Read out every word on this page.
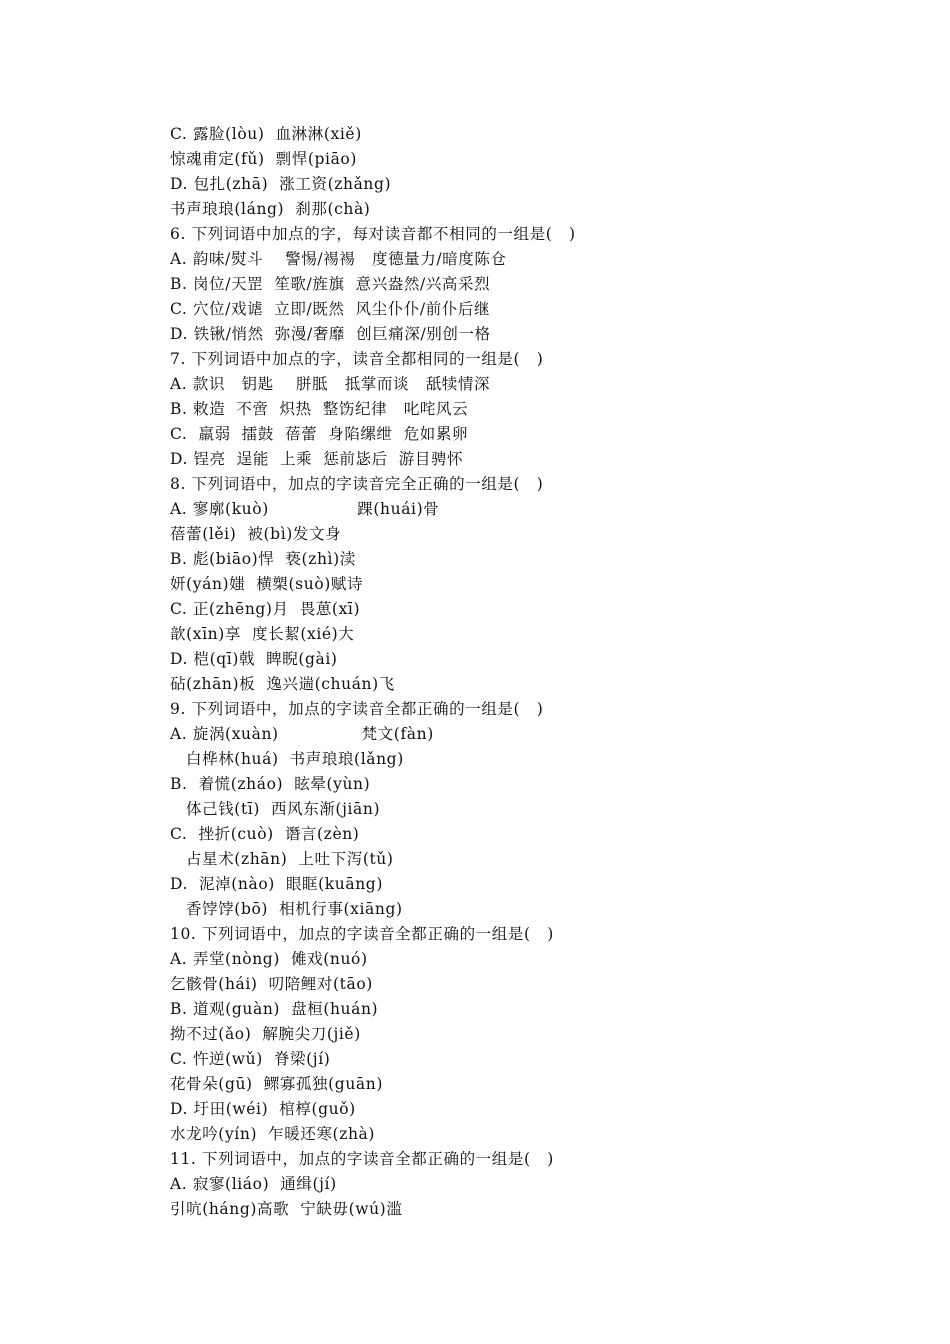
C. 露脸(lòu)  血淋淋(xiě)
惊魂甫定(fǔ)  剽悍(piāo)
D. 包扎(zhā)  涨工资(zhǎng)
书声琅琅(láng)  刹那(chà)
6. 下列词语中加点的字，每对读音都不相同的一组是(   )
A. 韵味/熨斗    警惕/裼裼   度德量力/暗度陈仓
B. 岗位/天罡  笙歌/旌旗  意兴盎然/兴高采烈
C. 穴位/戏谑  立即/既然  风尘仆仆/前仆后继
D. 铁锹/悄然  弥漫/奢靡  创巨痛深/别创一格
7. 下列词语中加点的字，读音全都相同的一组是(   )
A. 款识   钥匙    胼胝   抵掌而谈   舐犊情深
B. 敕造  不啻  炽热  整饬纪律   叱咤风云
C.  羸弱  擂鼓  蓓蕾  身陷缧绁  危如累卵
D. 锃亮  逞能  上乘  惩前毖后  游目骋怀
8. 下列词语中，加点的字读音完全正确的一组是(   )
A. 寥廓(kuò)                踝(huái)骨
蓓蕾(lěi)  被(bì)发文身
B. 彪(biāo)悍  亵(zhì)渎
妍(yán)媸  横槊(suò)赋诗
C. 正(zhēng)月  畏葸(xī)
歆(xīn)享  度长絜(xié)大
D. 桤(qī)戟  睥睨(gài)
砧(zhān)板  逸兴遄(chuán)飞
9. 下列词语中，加点的字读音全都正确的一组是(   )
A. 旋涡(xuàn)               梵文(fàn)
白桦林(huá)  书声琅琅(lǎng)
B.  着慌(zháo)  眩晕(yùn)
体己钱(tī)  西风东渐(jiān)
C.  挫折(cuò)  谮言(zèn)
占星术(zhān)  上吐下泻(tǔ)
D.  泥淖(nào)  眼眶(kuāng)
香饽饽(bō)  相机行事(xiāng)
10. 下列词语中，加点的字读音全都正确的一组是(   )
A. 弄堂(nòng)  傩戏(nuó)
乞骸骨(hái)  叨陪鲤对(tāo)
B. 道观(guàn)  盘桓(huán)
拗不过(ǎo)  解腕尖刀(jiě)
C. 忤逆(wǔ)  脊梁(jí)
花骨朵(gū)  鳏寡孤独(guān)
D. 圩田(wéi)  棺椁(guǒ)
水龙吟(yín)  乍暖还寒(zhà)
11. 下列词语中，加点的字读音全都正确的一组是(   )
A. 寂寥(liáo)  通缉(jí)
引吭(háng)高歌  宁缺毋(wú)滥
